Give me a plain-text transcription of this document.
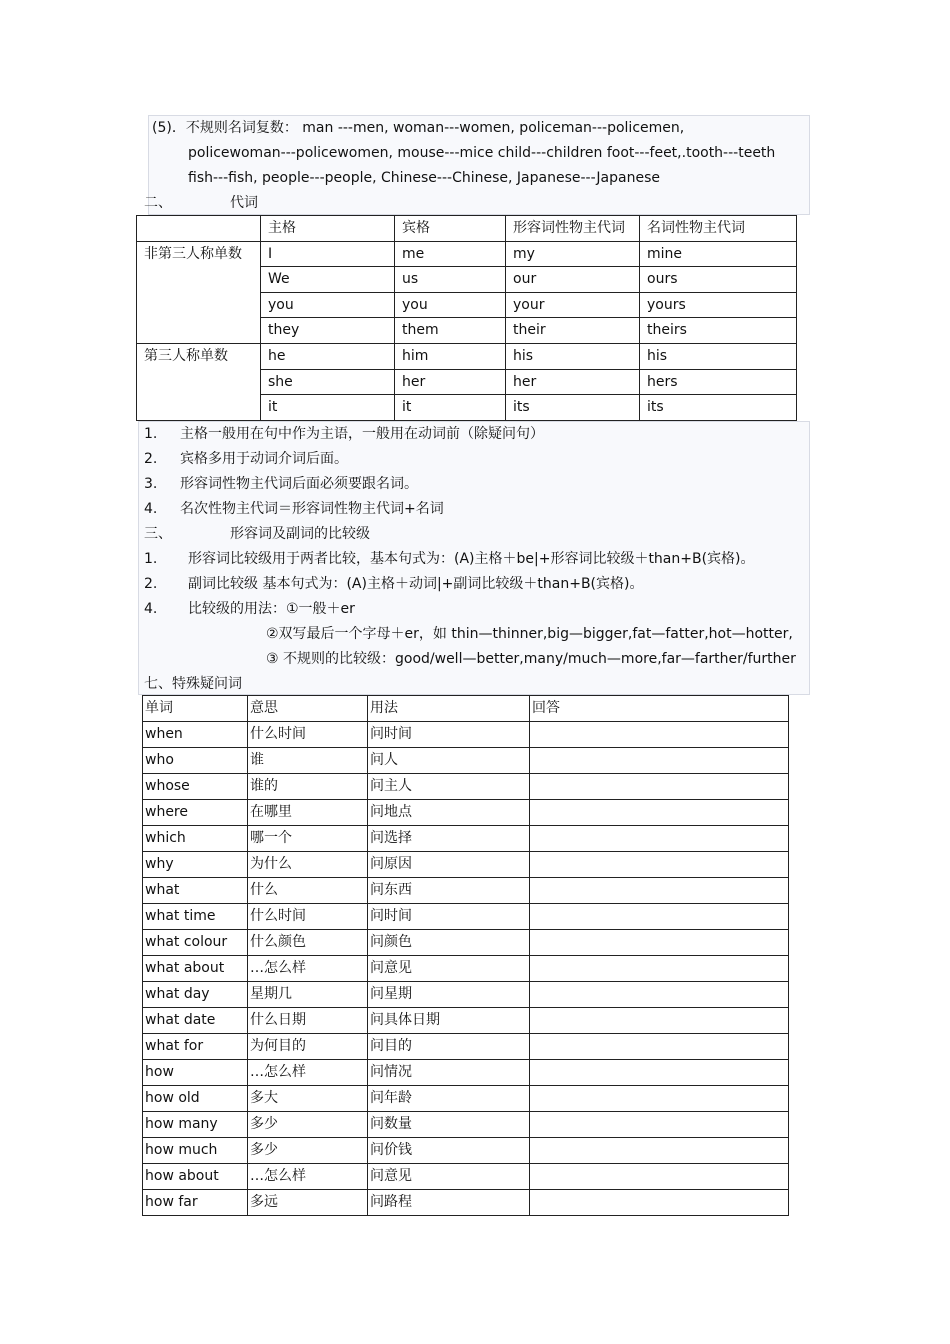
(5)．不规则名词复数： man ---men, woman---women, policeman---policemen,
policewoman---policewomen, mouse---mice child---children foot---feet,.tooth---teeth
fish---fish, people---people, Chinese---Chinese, Japanese---Japanese
二、	代词
	主格	宾格	形容词性物主代词	名词性物主代词
非第三人称单数	I	me	my	mine
	We	us	our	ours
	you	you	your	yours
	they	them	their	theirs
第三人称单数	he	him	his	his
	she	her	her	hers
	it	it	its	its
1. 主格一般用在句中作为主语，一般用在动词前（除疑问句）
2. 宾格多用于动词介词后面。
3. 形容词性物主代词后面必须要跟名词。
4. 名次性物主代词＝形容词性物主代词+名词
三、	形容词及副词的比较级
1. 形容词比较级用于两者比较，基本句式为：(A)主格＋be|+形容词比较级＋than+B(宾格)。
2. 副词比较级 基本句式为：(A)主格＋动词|+副词比较级＋than+B(宾格)。
4. 比较级的用法：①一般＋er
②双写最后一个字母＋er，如 thin—thinner,big—bigger,fat—fatter,hot—hotter,
③ 不规则的比较级：good/well—better,many/much—more,far—farther/further
七、特殊疑问词
单词	意思	用法	回答
when	什么时间	问时间	
who	谁	问人	
whose	谁的	问主人	
where	在哪里	问地点	
which	哪一个	问选择	
why	为什么	问原因	
what	什么	问东西	
what time	什么时间	问时间	
what colour	什么颜色	问颜色	
what about	…怎么样	问意见	
what day	星期几	问星期	
what date	什么日期	问具体日期	
what for	为何目的	问目的	
how	…怎么样	问情况	
how old	多大	问年龄	
how many	多少	问数量	
how much	多少	问价钱	
how about	…怎么样	问意见	
how far	多远	问路程	
